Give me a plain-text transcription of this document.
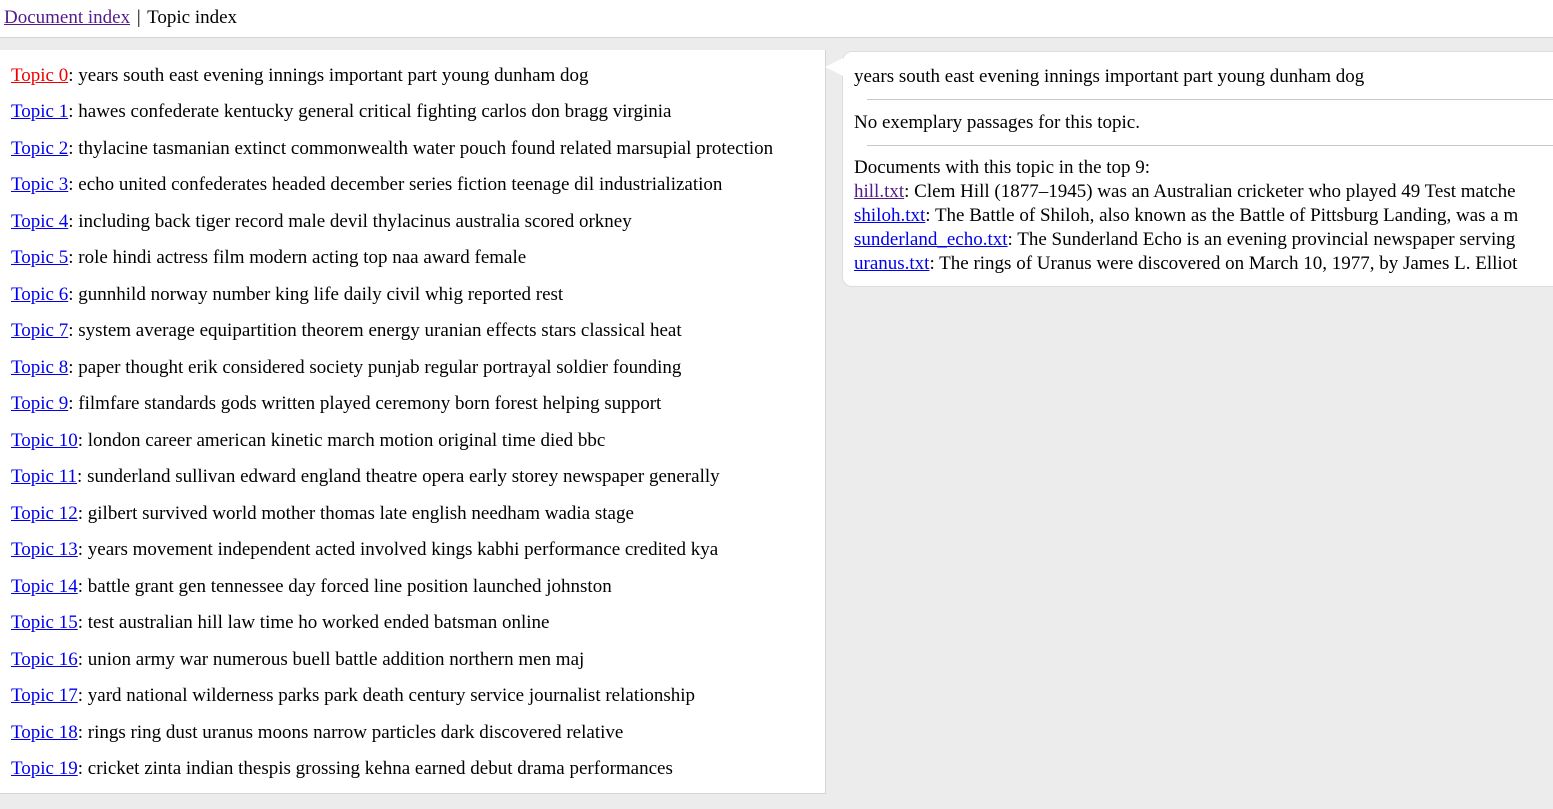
Document index | Topic index
Topic 0: years south east evening innings important part young dunham dog
Topic 1: hawes confederate kentucky general critical fighting carlos don bragg virginia
Topic 2: thylacine tasmanian extinct commonwealth water pouch found related marsupial protection
Topic 3: echo united confederates headed december series fiction teenage dil industrialization
Topic 4: including back tiger record male devil thylacinus australia scored orkney
Topic 5: role hindi actress film modern acting top naa award female
Topic 6: gunnhild norway number king life daily civil whig reported rest
Topic 7: system average equipartition theorem energy uranian effects stars classical heat
Topic 8: paper thought erik considered society punjab regular portrayal soldier founding
Topic 9: filmfare standards gods written played ceremony born forest helping support
Topic 10: london career american kinetic march motion original time died bbc
Topic 11: sunderland sullivan edward england theatre opera early storey newspaper generally
Topic 12: gilbert survived world mother thomas late english needham wadia stage
Topic 13: years movement independent acted involved kings kabhi performance credited kya
Topic 14: battle grant gen tennessee day forced line position launched johnston
Topic 15: test australian hill law time ho worked ended batsman online
Topic 16: union army war numerous buell battle addition northern men maj
Topic 17: yard national wilderness parks park death century service journalist relationship
Topic 18: rings ring dust uranus moons narrow particles dark discovered relative
Topic 19: cricket zinta indian thespis grossing kehna earned debut drama performances
years south east evening innings important part young dunham dog
No exemplary passages for this topic.
Documents with this topic in the top 9:
hill.txt: Clem Hill (1877–1945) was an Australian cricketer who played 49 Test matche
shiloh.txt: The Battle of Shiloh, also known as the Battle of Pittsburg Landing, was a m
sunderland_echo.txt: The Sunderland Echo is an evening provincial newspaper serving
uranus.txt: The rings of Uranus were discovered on March 10, 1977, by James L. Elliot
